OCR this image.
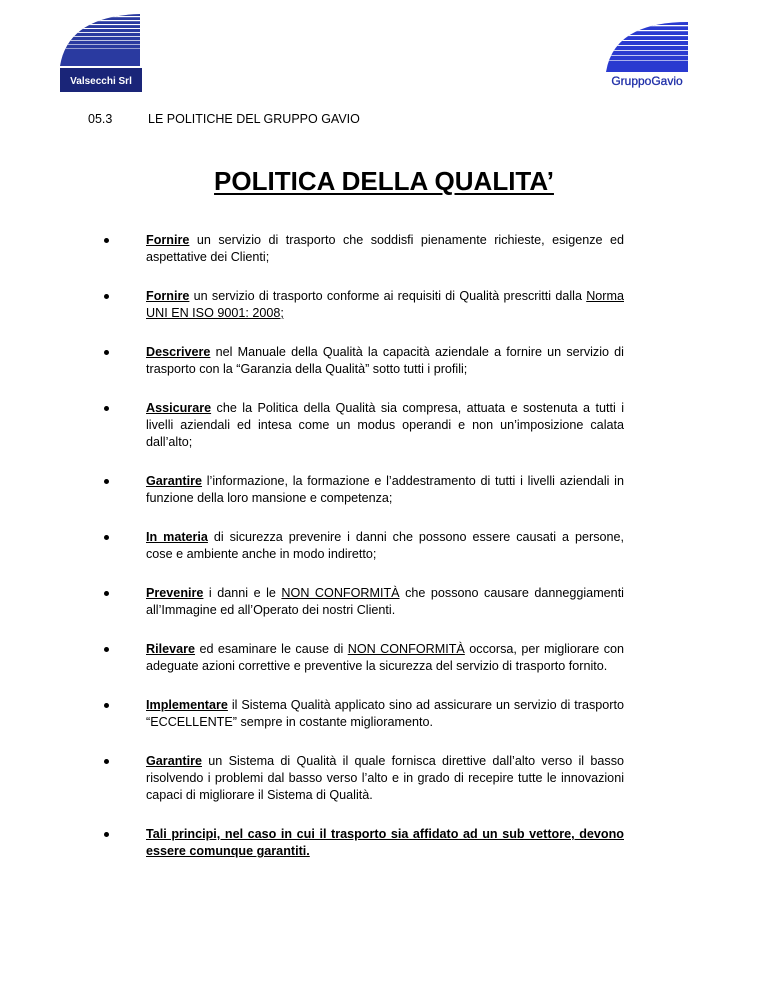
Valsecchi Srl	GruppoGavio
05.3	LE POLITICHE DEL GRUPPO GAVIO
POLITICA DELLA QUALITA’
Fornire un servizio di trasporto che soddisfi pienamente richieste, esigenze ed aspettative dei Clienti;
Fornire un servizio di trasporto conforme ai requisiti di Qualità prescritti dalla Norma UNI EN ISO 9001: 2008;
Descrivere nel Manuale della Qualità la capacità aziendale a fornire un servizio di trasporto con la “Garanzia della Qualità” sotto tutti i profili;
Assicurare che la Politica della Qualità sia compresa, attuata e sostenuta a tutti i livelli aziendali ed intesa come un modus operandi e non un’imposizione calata dall’alto;
Garantire l’informazione, la formazione e l’addestramento di tutti i livelli aziendali in funzione della loro mansione e competenza;
In materia di sicurezza prevenire i danni che possono essere causati a persone, cose e ambiente anche in modo indiretto;
Prevenire i danni e le NON CONFORMITÀ che possono causare danneggiamenti all’Immagine ed all’Operato dei nostri Clienti.
Rilevare ed esaminare le cause di NON CONFORMITÀ occorsa, per migliorare con adeguate azioni correttive e preventive la sicurezza del servizio di trasporto fornito.
Implementare il Sistema Qualità applicato sino ad assicurare un servizio di trasporto “ECCELLENTE” sempre in costante miglioramento.
Garantire un Sistema di Qualità il quale fornisca direttive dall’alto verso il basso risolvendo i problemi dal basso verso l’alto e in grado di recepire tutte le innovazioni capaci di migliorare il Sistema di Qualità.
Tali principi, nel caso in cui il trasporto sia affidato ad un sub vettore, devono essere comunque garantiti.
